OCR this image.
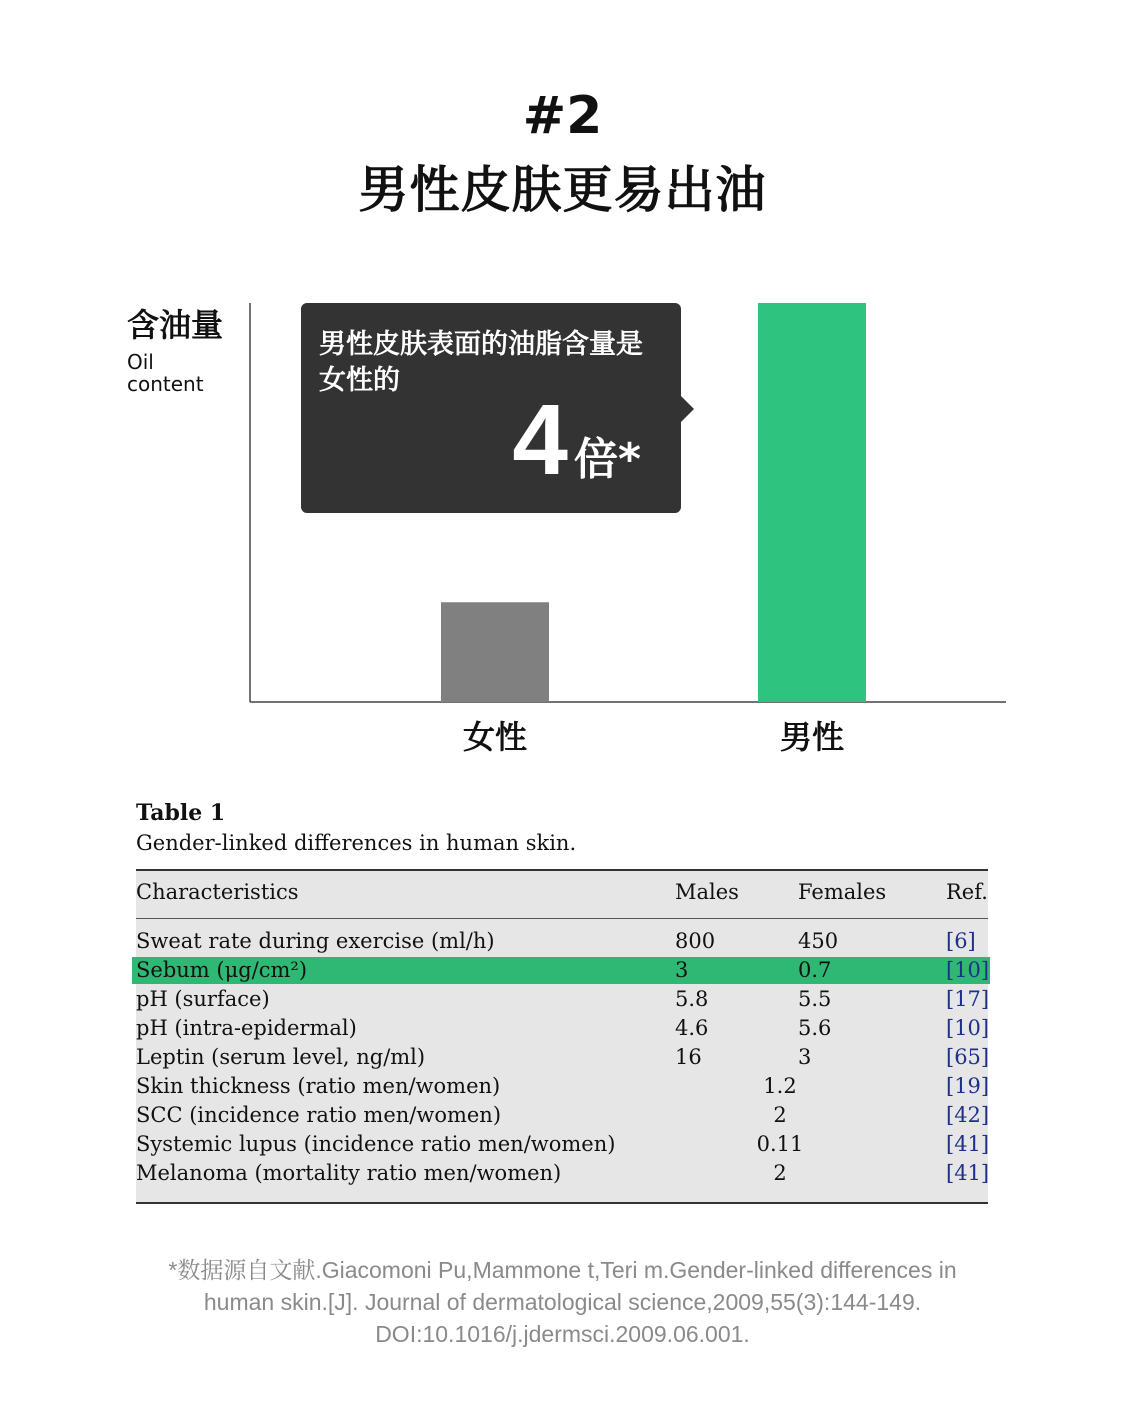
#2
男性皮肤更易出油
含油量
Oil content
男性皮肤表面的油脂含量是女性的
4 倍*
女性	男性
Table 1
Gender-linked differences in human skin.
Characteristics	Males	Females	Ref.
Sweat rate during exercise (ml/h)	800	450	[6]
Sebum (μg/cm²)	3	0.7	[10]
pH (surface)	5.8	5.5	[17]
pH (intra-epidermal)	4.6	5.6	[10]
Leptin (serum level, ng/ml)	16	3	[65]
Skin thickness (ratio men/women)	1.2	[19]
SCC (incidence ratio men/women)	2	[42]
Systemic lupus (incidence ratio men/women)	0.11	[41]
Melanoma (mortality ratio men/women)	2	[41]
*数据源自文献.Giacomoni Pu,Mammone t,Teri m.Gender-linked differences in human skin.[J]. Journal of dermatological science,2009,55(3):144-149. DOI:10.1016/j.jdermsci.2009.06.001.
